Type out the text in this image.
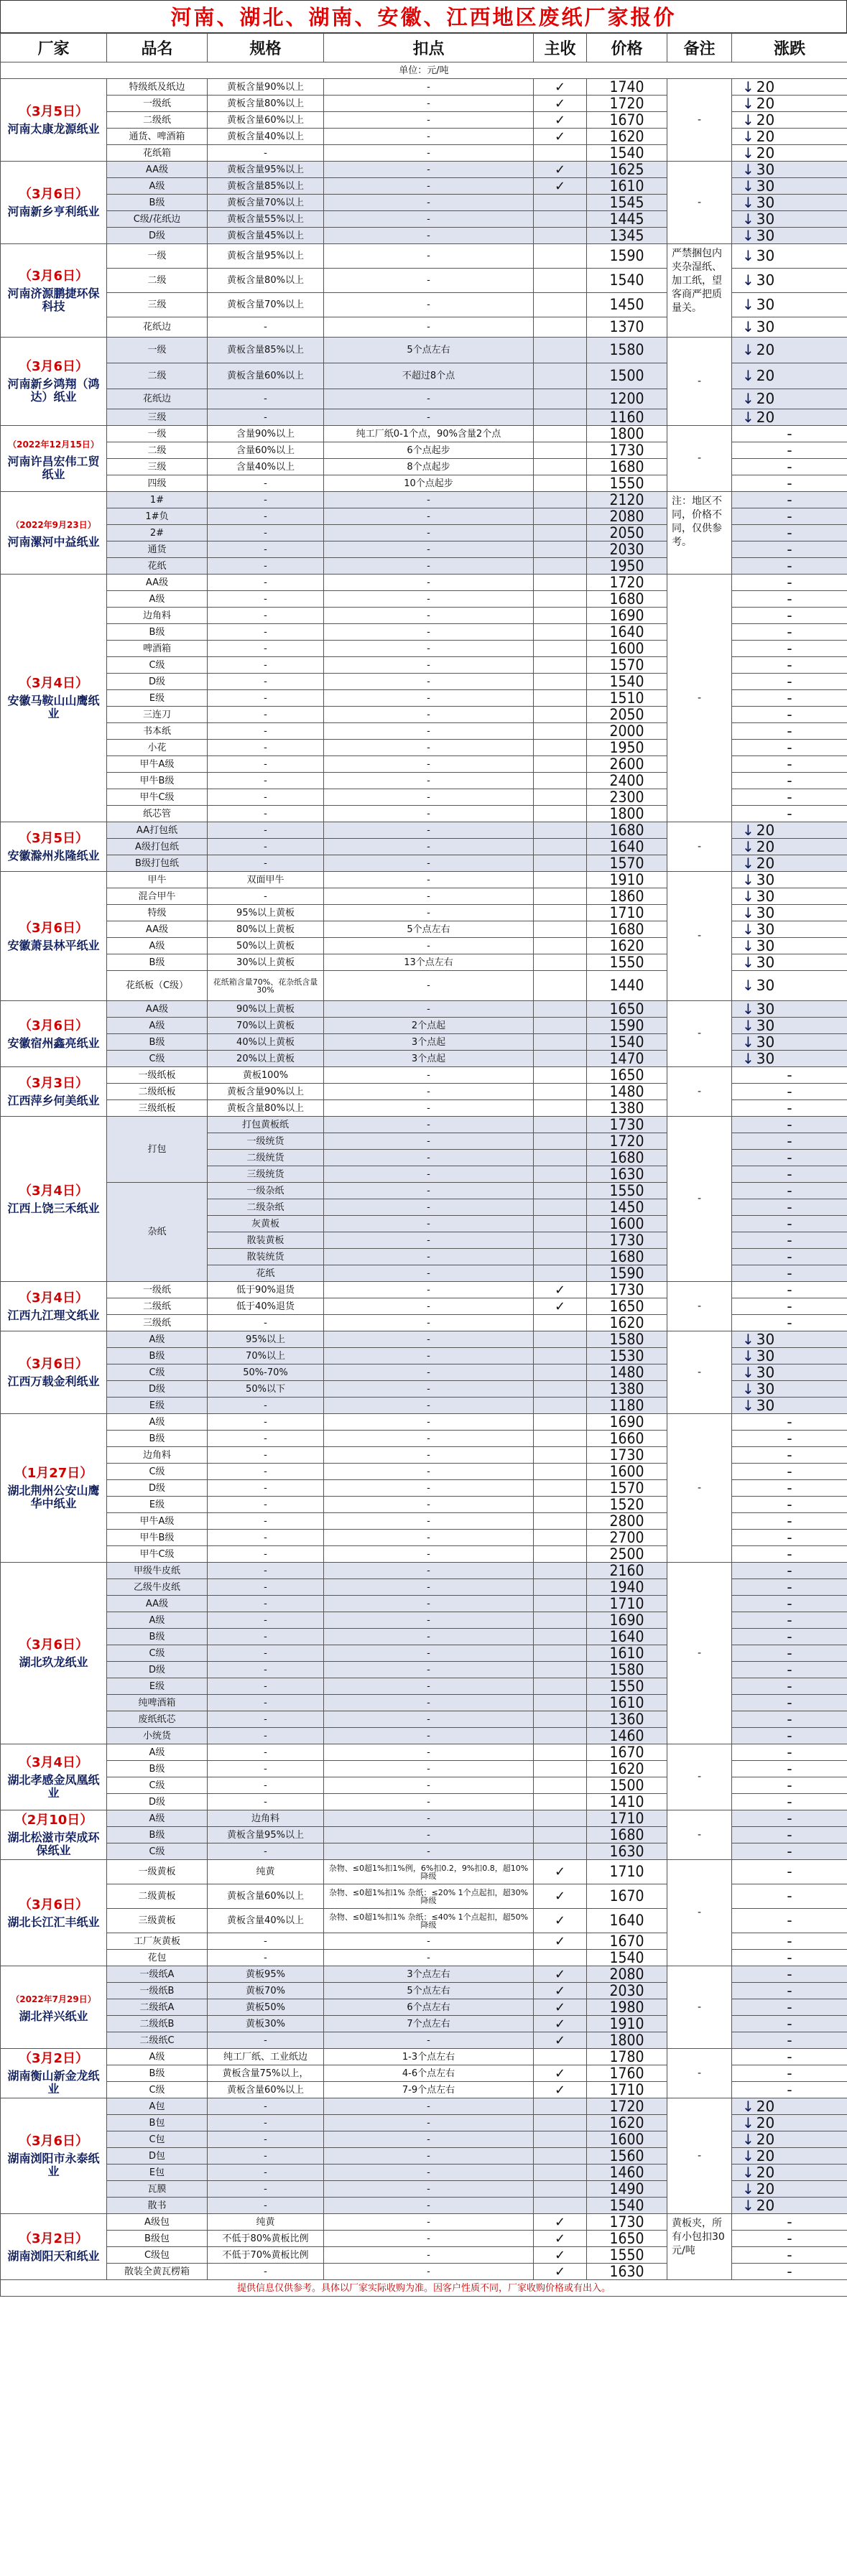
河南、湖北、湖南、安徽、江西地区废纸厂家报价
厂家	品名	规格	扣点	主收	价格	备注	涨跌
单位：元/吨							

（3月5日）
河南太康龙源纸业	特级纸及纸边	黄板含量90%以上	-	✓	1740	-	↓ 20
	一级纸	黄板含量80%以上	-	✓	1720		↓ 20
	二级纸	黄板含量60%以上	-	✓	1670		↓ 20
	通货、啤酒箱	黄板含量40%以上	-	✓	1620		↓ 20
	花纸箱	-	-		1540		↓ 20

（3月6日）
河南新乡亨利纸业	AA级	黄板含量95%以上	-	✓	1625	-	↓ 30
	A级	黄板含量85%以上	-	✓	1610		↓ 30
	B级	黄板含量70%以上	-		1545		↓ 30
	C级/花纸边	黄板含量55%以上	-		1445		↓ 30
	D级	黄板含量45%以上	-		1345		↓ 30

（3月6日）
河南济源鹏捷环保科技	一级	黄板含量95%以上	-		1590	严禁捆包内夹杂湿纸、加工纸，望客商严把质量关。	↓ 30
	二级	黄板含量80%以上	-		1540		↓ 30
	三级	黄板含量70%以上	-		1450		↓ 30
	花纸边	-	-		1370		↓ 30

（3月6日）
河南新乡鸿翔（鸿达）纸业	一级	黄板含量85%以上	5个点左右		1580	-	↓ 20
	二级	黄板含量60%以上	不超过8个点		1500		↓ 20
	花纸边	-	-		1200		↓ 20
	三级	-	-		1160		↓ 20

（2022年12月15日）
河南许昌宏伟工贸纸业	一级	含量90%以上	纯工厂纸0-1个点，90%含量2个点		1800	-	-
	二级	含量60%以上	6个点起步		1730		-
	三级	含量40%以上	8个点起步		1680		-
	四级	-	10个点起步		1550		-

（2022年9月23日）
河南漯河中益纸业	1#	-	-		2120	注：地区不同，价格不同，仅供参考。	-
	1#负	-	-		2080		-
	2#	-	-		2050		-
	通货	-	-		2030		-
	花纸	-	-		1950		-

（3月4日）
安徽马鞍山山鹰纸业	AA级	-	-		1720	-	-
	A级	-	-		1680		-
	边角料	-	-		1690		-
	B级	-	-		1640		-
	啤酒箱	-	-		1600		-
	C级	-	-		1570		-
	D级	-	-		1540		-
	E级	-	-		1510		-
	三连刀	-	-		2050		-
	书本纸	-	-		2000		-
	小花	-	-		1950		-
	甲牛A级	-	-		2600		-
	甲牛B级	-	-		2400		-
	甲牛C级	-	-		2300		-
	纸芯管	-	-		1800		-

（3月5日）
安徽滁州兆隆纸业	AA打包纸	-	-		1680	-	↓ 20
	A级打包纸	-	-		1640		↓ 20
	B级打包纸	-	-		1570		↓ 20

（3月6日）
安徽萧县林平纸业	甲牛	双面甲牛	-		1910	-	↓ 30
	混合甲牛	-	-		1860		↓ 30
	特级	95%以上黄板	-		1710		↓ 30
	AA级	80%以上黄板	5个点左右		1680		↓ 30
	A级	50%以上黄板	-		1620		↓ 30
	B级	30%以上黄板	13个点左右		1550		↓ 30
	花纸板（C级）	花纸箱含量70%、花杂纸含量30%	-		1440		↓ 30

（3月6日）
安徽宿州鑫亮纸业	AA级	90%以上黄板	-		1650	-	↓ 30
	A级	70%以上黄板	2个点起		1590		↓ 30
	B级	40%以上黄板	3个点起		1540		↓ 30
	C级	20%以上黄板	3个点起		1470		↓ 30

（3月3日）
江西萍乡何美纸业	一级纸板	黄板100%	-		1650	-	-
	二级纸板	黄板含量90%以上	-		1480		-
	三级纸板	黄板含量80%以上	-		1380		-

（3月4日）
江西上饶三禾纸业	打包	打包黄板纸	-		1730	-	-
		一级统货	-		1720		-
		二级统货	-		1680		-
		三级统货	-		1630		-
	杂纸	一级杂纸	-		1550		-
		二级杂纸	-		1450		-
		灰黄板	-		1600		-
		散装黄板	-		1730		-
		散装统货	-		1680		-
		花纸	-		1590		-

（3月4日）
江西九江理文纸业	一级纸	低于90%退货	-	✓	1730	-	-
	二级纸	低于40%退货	-	✓	1650		-
	三级纸	-	-		1620		-

（3月6日）
江西万载金利纸业	A级	95%以上	-		1580	-	↓ 30
	B级	70%以上	-		1530		↓ 30
	C级	50%-70%	-		1480		↓ 30
	D级	50%以下	-		1380		↓ 30
	E级	-	-		1180		↓ 30

（1月27日）
湖北荆州公安山鹰华中纸业	A级	-	-		1690	-	-
	B级	-	-		1660		-
	边角料	-	-		1730		-
	C级	-	-		1600		-
	D级	-	-		1570		-
	E级	-	-		1520		-
	甲牛A级	-	-		2800		-
	甲牛B级	-	-		2700		-
	甲牛C级	-	-		2500		-

（3月6日）
湖北玖龙纸业	甲级牛皮纸	-	-		2160	-	-
	乙级牛皮纸	-	-		1940		-
	AA级	-	-		1710		-
	A级	-	-		1690		-
	B级	-	-		1640		-
	C级	-	-		1610		-
	D级	-	-		1580		-
	E级	-	-		1550		-
	纯啤酒箱	-	-		1610		-
	废纸纸芯	-	-		1360		-
	小统货	-	-		1460		-

（3月4日）
湖北孝感金凤凰纸业	A级	-	-		1670	-	-
	B级	-	-		1620		-
	C级	-	-		1500		-
	D级	-	-		1410		-

（2月10日）
湖北松滋市荣成环保纸业	A级	边角料	-		1710	-	-
	B级	黄板含量95%以上	-		1680		-
	C级	-	-		1630		-

（3月6日）
湖北长江汇丰纸业	一级黄板	纯黄	杂物、≤0超1%扣1%例，6%扣0.2，9%扣0.8，超10% 降级	✓	1710	-	-
	二级黄板	黄板含量60%以上	杂物、≤0超1%扣1% 杂纸：≤20% 1个点起扣，超30%降级	✓	1670		-
	三级黄板	黄板含量40%以上	杂物、≤0超1%扣1% 杂纸：≤40% 1个点起扣，超50%降级	✓	1640		-
	工厂灰黄板	-	-	✓	1670		-
	花包	-	-		1540		-

（2022年7月29日）
湖北祥兴纸业	一级纸A	黄板95%	3个点左右	✓	2080	-	-
	一级纸B	黄板70%	5个点左右	✓	2030		-
	二级纸A	黄板50%	6个点左右	✓	1980		-
	二级纸B	黄板30%	7个点左右	✓	1910		-
	二级纸C	-	-	✓	1800		-

（3月2日）
湖南衡山新金龙纸业	A级	纯工厂纸、工业纸边	1-3个点左右		1780	-	-
	B级	黄板含量75%以上，	4-6个点左右	✓	1760		-
	C级	黄板含量60%以上	7-9个点左右	✓	1710		-

（3月6日）
湖南浏阳市永泰纸业	A包	-	-		1720	-	↓ 20
	B包	-	-		1620		↓ 20
	C包	-	-		1600		↓ 20
	D包	-	-		1560		↓ 20
	E包	-	-		1460		↓ 20
	瓦膜	-	-		1490		↓ 20
	散书	-	-		1540		↓ 20

（3月2日）
湖南浏阳天和纸业	A级包	纯黄	-	✓	1730	黄板夹，所有小包扣30元/吨	-
	B级包	不低于80%黄板比例	-	✓	1650		-
	C级包	不低于70%黄板比例	-	✓	1550		-
	散装全黄瓦楞箱	-	-	✓	1630		-
提供信息仅供参考。具体以厂家实际收购为准。因客户性质不同，厂家收购价格或有出入。							
